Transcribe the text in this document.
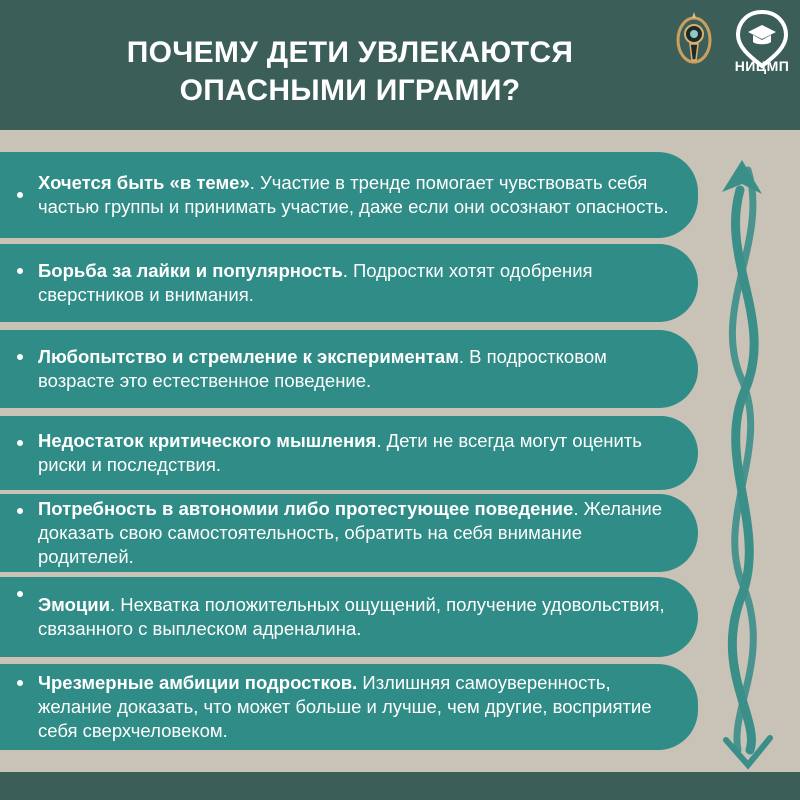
ПОЧЕМУ ДЕТИ УВЛЕКАЮТСЯ
ОПАСНЫМИ ИГРАМИ?
НИЦМП
Хочется быть «в теме». Участие в тренде помогает чувствовать себя частью группы и принимать участие, даже если они осознают опасность.
Борьба за лайки и популярность. Подростки хотят одобрения сверстников и внимания.
Любопытство и стремление к экспериментам. В подростковом возрасте это естественное поведение.
Недостаток критического мышления. Дети не всегда могут оценить риски и последствия.
Потребность в автономии либо протестующее поведение. Желание доказать свою самостоятельность, обратить на себя внимание родителей.
Эмоции. Нехватка положительных ощущений, получение удовольствия, связанного с выплеском адреналина.
Чрезмерные амбиции подростков. Излишняя самоуверенность, желание доказать, что может больше и лучше, чем другие, восприятие себя сверхчеловеком.
